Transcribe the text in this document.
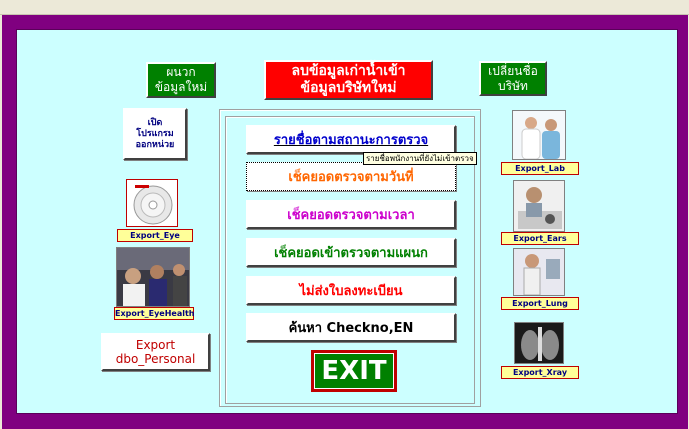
ผนวก
ข้อมูลใหม่
เปิด
โปรแกรม
ออกหน่วย
Export_Eye
Export_EyeHealth
Export
dbo_Personal
ลบข้อมูลเก่าน้ำเข้า
ข้อมูลบริษัทใหม่
รายชื่อตามสถานะการตรวจ
เช็คยอดตรวจตามวันที่
เช็คยอดตรวจตามเวลา
เช็คยอดเข้าตรวจตามแผนก
ไม่ส่งใบลงทะเบียน
ค้นหา Checkno,EN
รายชื่อพนักงานที่ยังไม่เข้าตรวจ
EXIT
เปลี่ยนชื่อ
บริษัท
Export_Lab
Export_Ears
Export_Lung
Export_Xray
